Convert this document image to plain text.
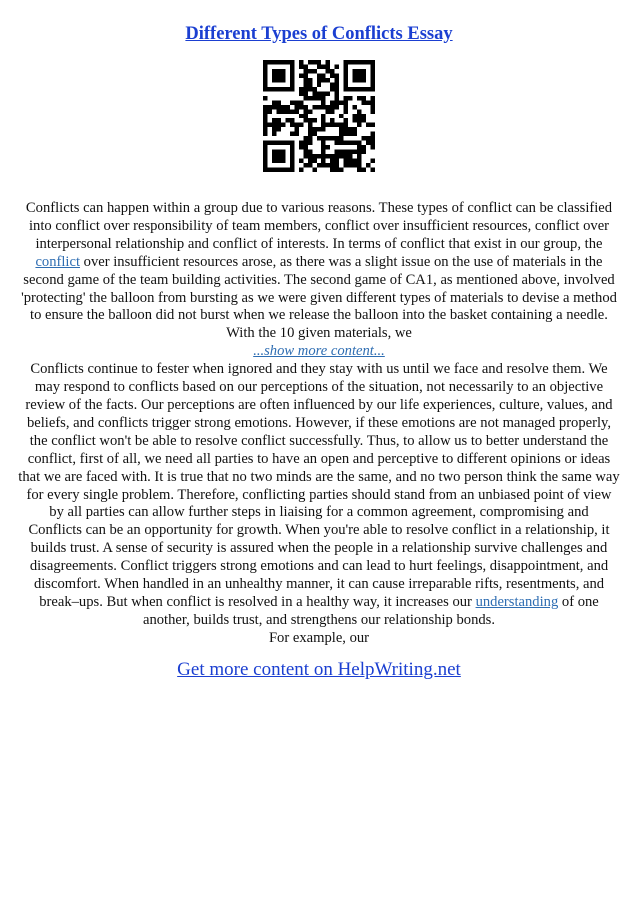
Different Types of Conflicts Essay

Conflicts can happen within a group due to various reasons. These types of conflict can be classified into conflict over responsibility of team members, conflict over insufficient resources, conflict over interpersonal relationship and conflict of interests. In terms of conflict that exist in our group, the conflict over insufficient resources arose, as there was a slight issue on the use of materials in the second game of the team building activities. The second game of CA1, as mentioned above, involved 'protecting' the balloon from bursting as we were given different types of materials to devise a method to ensure the balloon did not burst when we release the balloon into the basket containing a needle. With the 10 given materials, we

...show more content...

Conflicts continue to fester when ignored and they stay with us until we face and resolve them. We may respond to conflicts based on our perceptions of the situation, not necessarily to an objective review of the facts. Our perceptions are often influenced by our life experiences, culture, values, and beliefs, and conflicts trigger strong emotions. However, if these emotions are not managed properly, the conflict won't be able to resolve conflict successfully. Thus, to allow us to better understand the conflict, first of all, we need all parties to have an open and perceptive to different opinions or ideas that we are faced with. It is true that no two minds are the same, and no two person think the same way for every single problem. Therefore, conflicting parties should stand from an unbiased point of view by all parties can allow further steps in liaising for a common agreement, compromising and

Conflicts can be an opportunity for growth. When you're able to resolve conflict in a relationship, it builds trust. A sense of security is assured when the people in a relationship survive challenges and disagreements. Conflict triggers strong emotions and can lead to hurt feelings, disappointment, and discomfort. When handled in an unhealthy manner, it can cause irreparable rifts, resentments, and break–ups. But when conflict is resolved in a healthy way, it increases our understanding of one another, builds trust, and strengthens our relationship bonds.

For example, our

Get more content on HelpWriting.net
